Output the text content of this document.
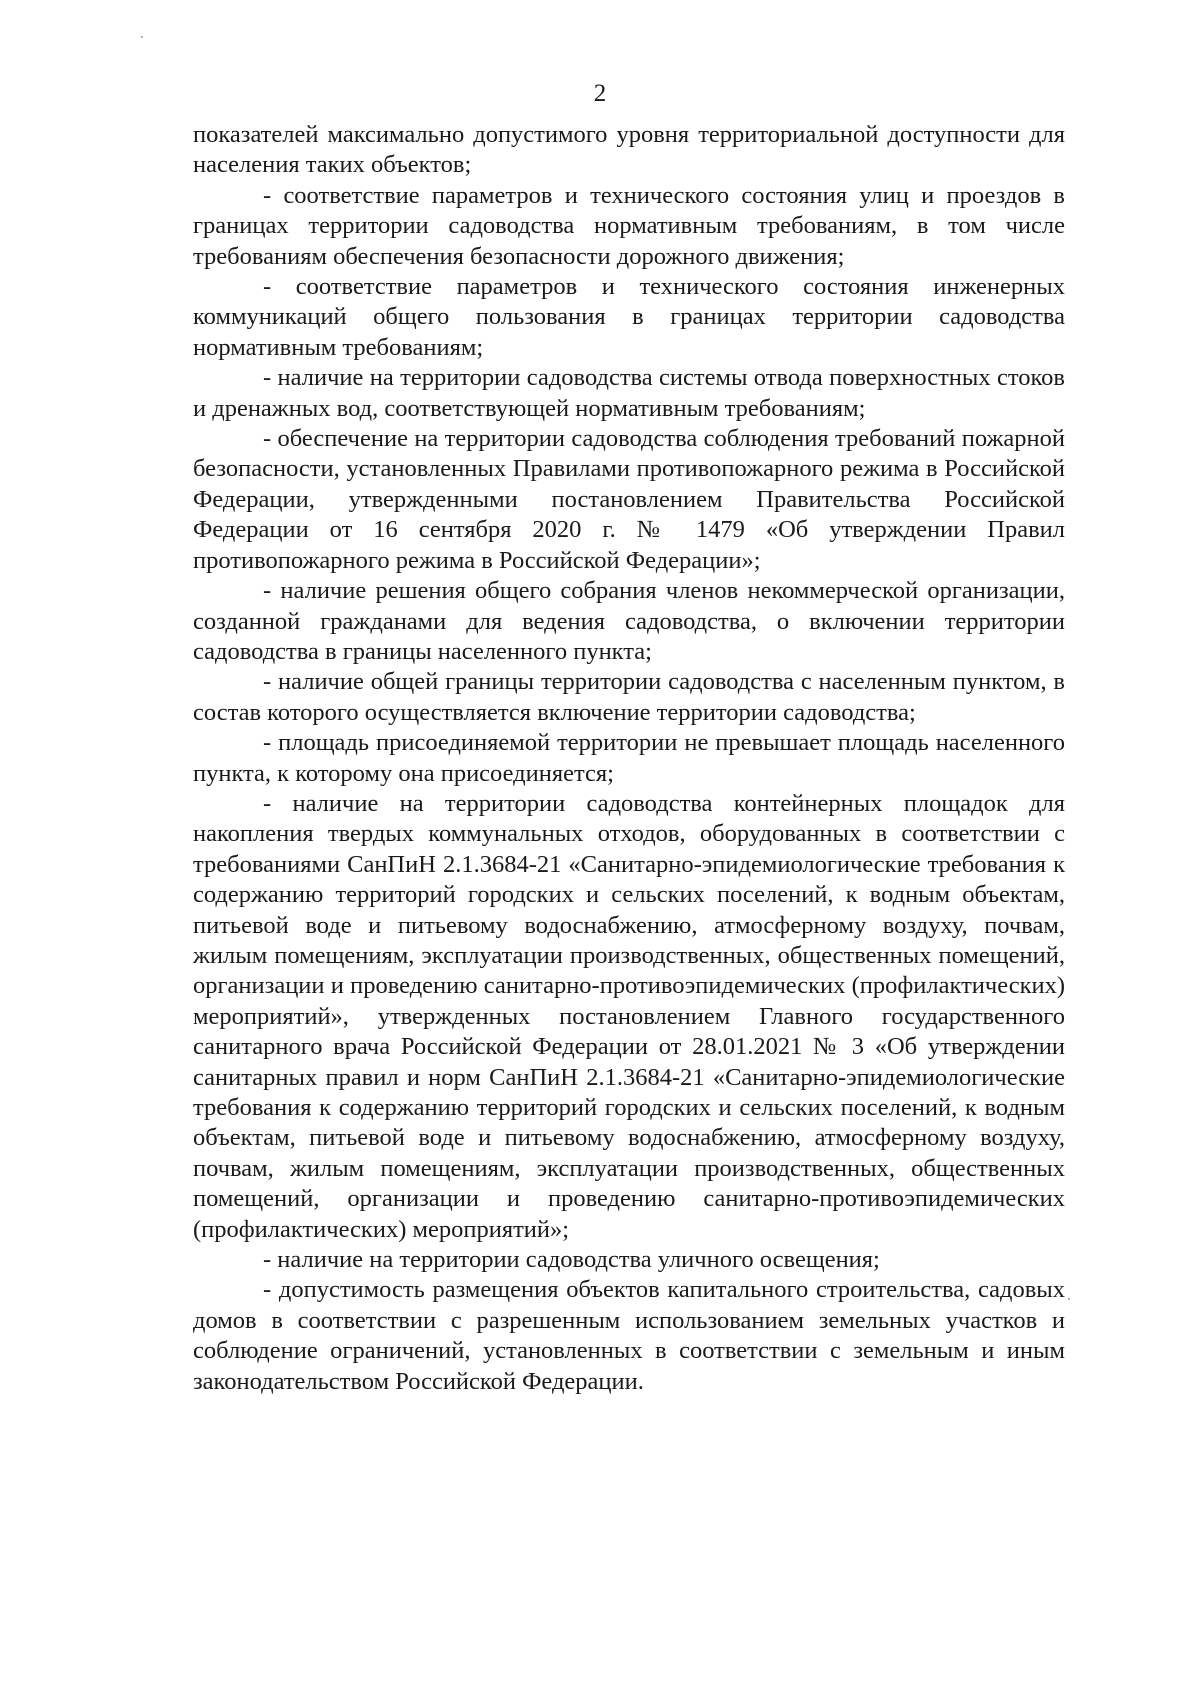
2

показателей максимально допустимого уровня территориальной доступности для населения таких объектов;

- соответствие параметров и технического состояния улиц и проездов в границах территории садоводства нормативным требованиям, в том числе требованиям обеспечения безопасности дорожного движения;

- соответствие параметров и технического состояния инженерных коммуникаций общего пользования в границах территории садоводства нормативным требованиям;

- наличие на территории садоводства системы отвода поверхностных стоков и дренажных вод, соответствующей нормативным требованиям;

- обеспечение на территории садоводства соблюдения требований пожарной безопасности, установленных Правилами противопожарного режима в Российской Федерации, утвержденными постановлением Правительства Российской Федерации от 16 сентября 2020 г. № 1479 «Об утверждении Правил противопожарного режима в Российской Федерации»;

- наличие решения общего собрания членов некоммерческой организации, созданной гражданами для ведения садоводства, о включении территории садоводства в границы населенного пункта;

- наличие общей границы территории садоводства с населенным пунктом, в состав которого осуществляется включение территории садоводства;

- площадь присоединяемой территории не превышает площадь населенного пункта, к которому она присоединяется;

- наличие на территории садоводства контейнерных площадок для накопления твердых коммунальных отходов, оборудованных в соответствии с требованиями СанПиН 2.1.3684-21 «Санитарно-эпидемиологические требования к содержанию территорий городских и сельских поселений, к водным объектам, питьевой воде и питьевому водоснабжению, атмосферному воздуху, почвам, жилым помещениям, эксплуатации производственных, общественных помещений, организации и проведению санитарно-противоэпидемических (профилактических) мероприятий», утвержденных постановлением Главного государственного санитарного врача Российской Федерации от 28.01.2021 № 3 «Об утверждении санитарных правил и норм СанПиН 2.1.3684-21 «Санитарно-эпидемиологические требования к содержанию территорий городских и сельских поселений, к водным объектам, питьевой воде и питьевому водоснабжению, атмосферному воздуху, почвам, жилым помещениям, эксплуатации производственных, общественных помещений, организации и проведению санитарно-противоэпидемических (профилактических) мероприятий»;

- наличие на территории садоводства уличного освещения;

- допустимость размещения объектов капитального строительства, садовых домов в соответствии с разрешенным использованием земельных участков и соблюдение ограничений, установленных в соответствии с земельным и иным законодательством Российской Федерации.
